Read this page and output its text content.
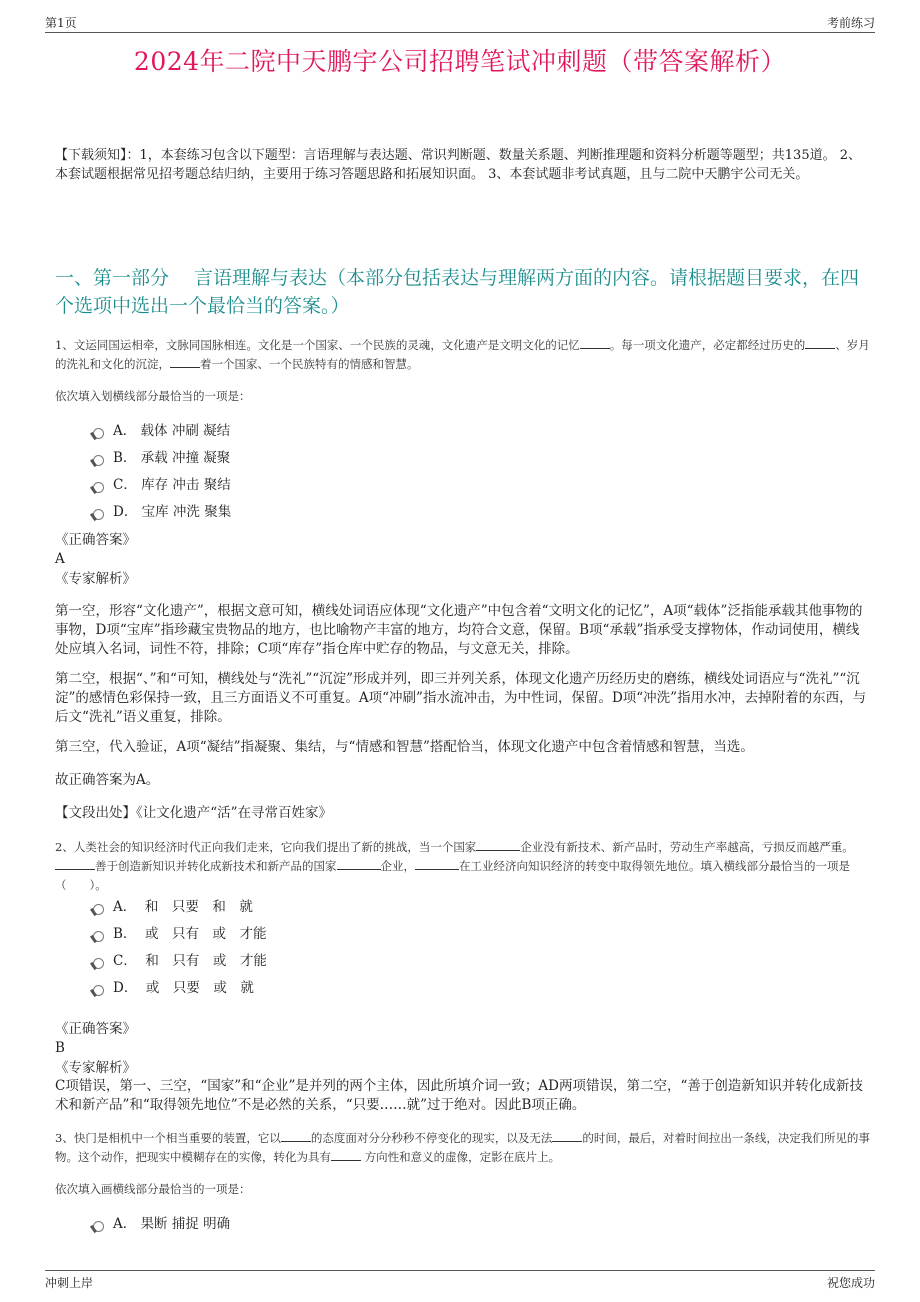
第1页	考前练习
2024年二院中天鹏宇公司招聘笔试冲刺题（带答案解析）
【下载须知】：1，本套练习包含以下题型：言语理解与表达题、常识判断题、数量关系题、判断推理题和资料分析题等题型；共135道。 2、本套试题根据常见招考题总结归纳，主要用于练习答题思路和拓展知识面。 3、本套试题非考试真题，且与二院中天鹏宇公司无关。
一、第一部分　 言语理解与表达（本部分包括表达与理解两方面的内容。请根据题目要求，在四个选项中选出一个最恰当的答案。）
1、文运同国运相牵，文脉同国脉相连。文化是一个国家、一个民族的灵魂，文化遗产是文明文化的记忆	。每一项文化遗产，必定都经过历史的	、岁月的洗礼和文化的沉淀，	着一个国家、一个民族特有的情感和智慧。
依次填入划横线部分最恰当的一项是：
A． 载体 冲刷 凝结
B． 承载 冲撞 凝聚
C． 库存 冲击 聚结
D． 宝库 冲洗 聚集
《正确答案》
A
《专家解析》
第一空，形容“文化遗产”，根据文意可知，横线处词语应体现“文化遗产”中包含着“文明文化的记忆”，A项“载体”泛指能承载其他事物的事物，D项“宝库”指珍藏宝贵物品的地方，也比喻物产丰富的地方，均符合文意，保留。B项“承载”指承受支撑物体，作动词使用，横线处应填入名词，词性不符，排除；C项“库存”指仓库中贮存的物品，与文意无关，排除。
第二空，根据“、”和“可知，横线处与“洗礼”“沉淀”形成并列，即三并列关系，体现文化遗产历经历史的磨练，横线处词语应与“洗礼”“沉淀”的感情色彩保持一致，且三方面语义不可重复。A项“冲刷”指水流冲击，为中性词，保留。D项“冲洗”指用水冲，去掉附着的东西，与后文“洗礼”语义重复，排除。
第三空，代入验证，A项“凝结”指凝聚、集结，与“情感和智慧”搭配恰当，体现文化遗产中包含着情感和智慧，当选。
故正确答案为A。
【文段出处】《让文化遗产“活”在寻常百姓家》
2、人类社会的知识经济时代正向我们走来，它向我们提出了新的挑战，当一个国家	企业没有新技术、新产品时，劳动生产率越高，亏损反而越严重。善于创造新知识并转化成新技术和新产品的国家	企业，	在工业经济向知识经济的转变中取得领先地位。填入横线部分最恰当的一项是（　　）。
A．  和　只要　和　就
B．  或　只有　或　才能
C．  和　只有　或　才能
D．  或　只要　或　就
《正确答案》
B
《专家解析》
C项错误，第一、三空，“国家”和“企业”是并列的两个主体，因此所填介词一致；AD两项错误，第二空，“善于创造新知识并转化成新技术和新产品”和“取得领先地位”不是必然的关系，“只要……就”过于绝对。因此B项正确。
3、快门是相机中一个相当重要的装置，它以	的态度面对分分秒秒不停变化的现实，以及无法	的时间，最后，对着时间拉出一条线，决定我们所见的事物。这个动作，把现实中模糊存在的实像，转化为具有	方向性和意义的虚像，定影在底片上。
依次填入画横线部分最恰当的一项是：
A． 果断 捕捉 明确
冲刺上岸	祝您成功
